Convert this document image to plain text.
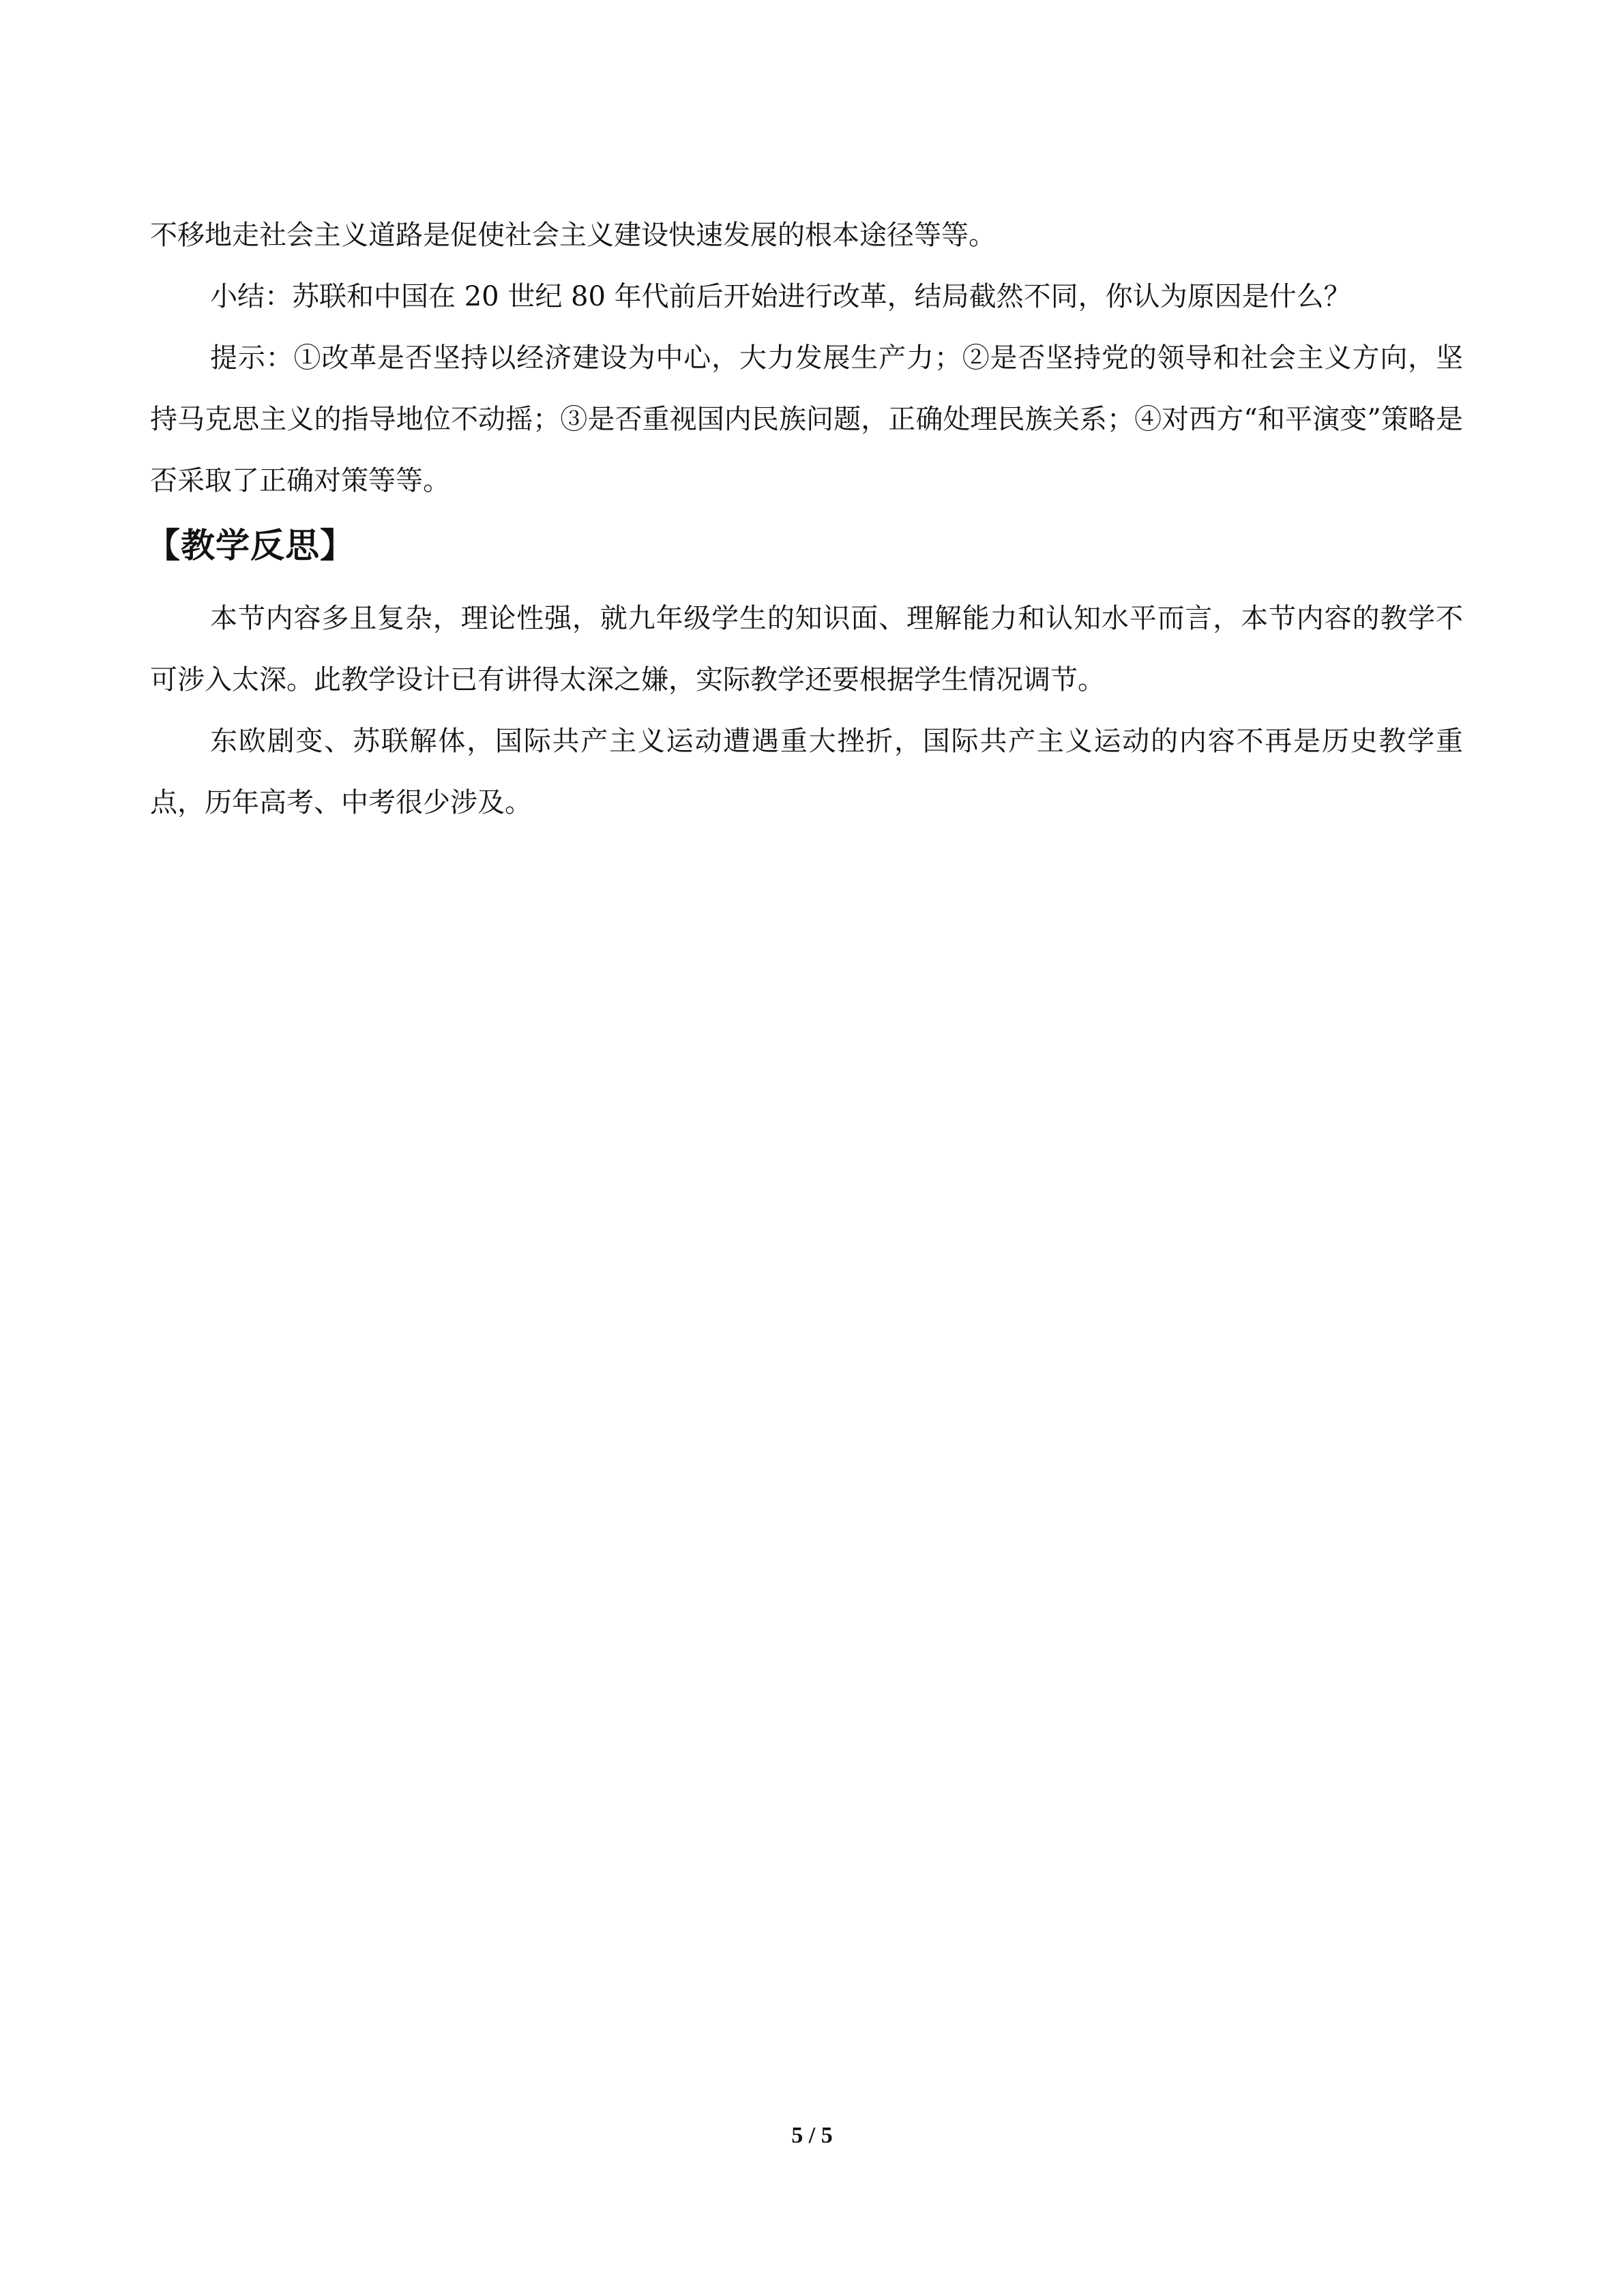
不移地走社会主义道路是促使社会主义建设快速发展的根本途径等等。

小结：苏联和中国在 20 世纪 80 年代前后开始进行改革，结局截然不同，你认为原因是什么？

提示：①改革是否坚持以经济建设为中心，大力发展生产力；②是否坚持党的领导和社会主义方向，坚持马克思主义的指导地位不动摇；③是否重视国内民族问题，正确处理民族关系；④对西方“和平演变”策略是否采取了正确对策等等。

【教学反思】

本节内容多且复杂，理论性强，就九年级学生的知识面、理解能力和认知水平而言，本节内容的教学不可涉入太深。此教学设计已有讲得太深之嫌，实际教学还要根据学生情况调节。

东欧剧变、苏联解体，国际共产主义运动遭遇重大挫折，国际共产主义运动的内容不再是历史教学重点，历年高考、中考很少涉及。

5 / 5
